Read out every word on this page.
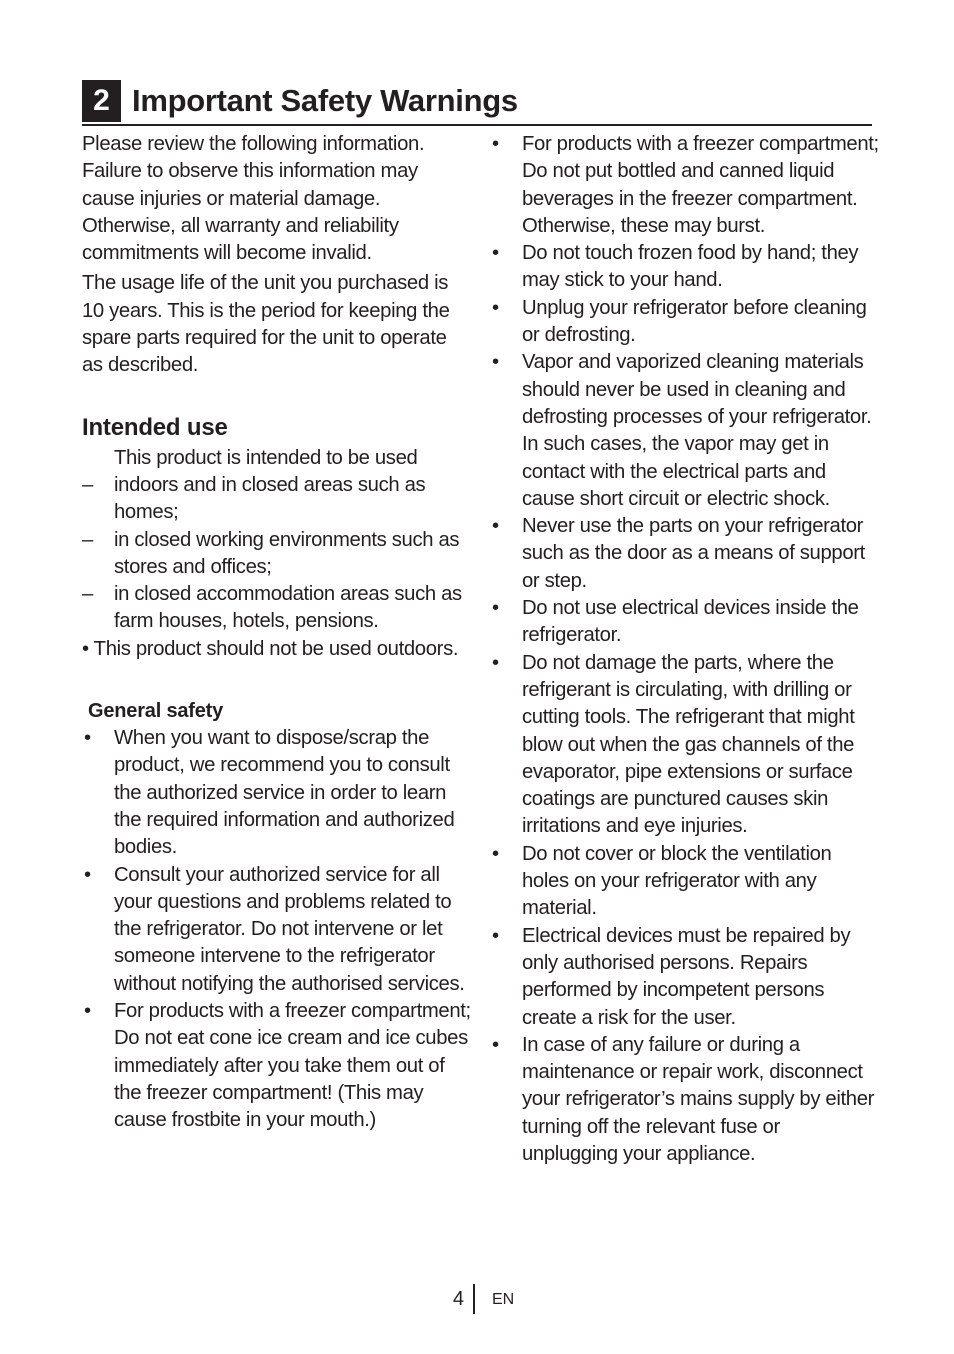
2 Important Safety Warnings

Please review the following information. Failure to observe this information may cause injuries or material damage. Otherwise, all warranty and reliability commitments will become invalid.

The usage life of the unit you purchased is 10 years. This is the period for keeping the spare parts required for the unit to operate as described.

Intended use
This product is intended to be used
–	indoors and in closed areas such as homes;
–	in closed working environments such as stores and offices;
–	in closed accommodation areas such as farm houses, hotels, pensions.
• This product should not be used outdoors.
General safety
•	When you want to dispose/scrap the product, we recommend you to consult the authorized service in order to learn the required information and authorized bodies.
•	Consult your authorized service for all your questions and problems related to the refrigerator. Do not intervene or let someone intervene to the refrigerator without notifying the authorised services.
•	For products with a freezer compartment; Do not eat cone ice cream and ice cubes immediately after you take them out of the freezer compartment! (This may cause frostbite in your mouth.)
•	For products with a freezer compartment; Do not put bottled and canned liquid beverages in the freezer compartment. Otherwise, these may burst.
•	Do not touch frozen food by hand; they may stick to your hand.
•	Unplug your refrigerator before cleaning or defrosting.
•	Vapor and vaporized cleaning materials should never be used in cleaning and defrosting processes of your refrigerator. In such cases, the vapor may get in contact with the electrical parts and cause short circuit or electric shock.
•	Never use the parts on your refrigerator such as the door as a means of support or step.
•	Do not use electrical devices inside the refrigerator.
•	Do not damage the parts, where the refrigerant is circulating, with drilling or cutting tools. The refrigerant that might blow out when the gas channels of the evaporator, pipe extensions or surface coatings are punctured causes skin irritations and eye injuries.
•	Do not cover or block the ventilation holes on your refrigerator with any material.
•	Electrical devices must be repaired by only authorised persons. Repairs performed by incompetent persons create a risk for the user.
•	In case of any failure or during a maintenance or repair work, disconnect your refrigerator’s mains supply by either turning off the relevant fuse or unplugging your appliance.
4 EN
